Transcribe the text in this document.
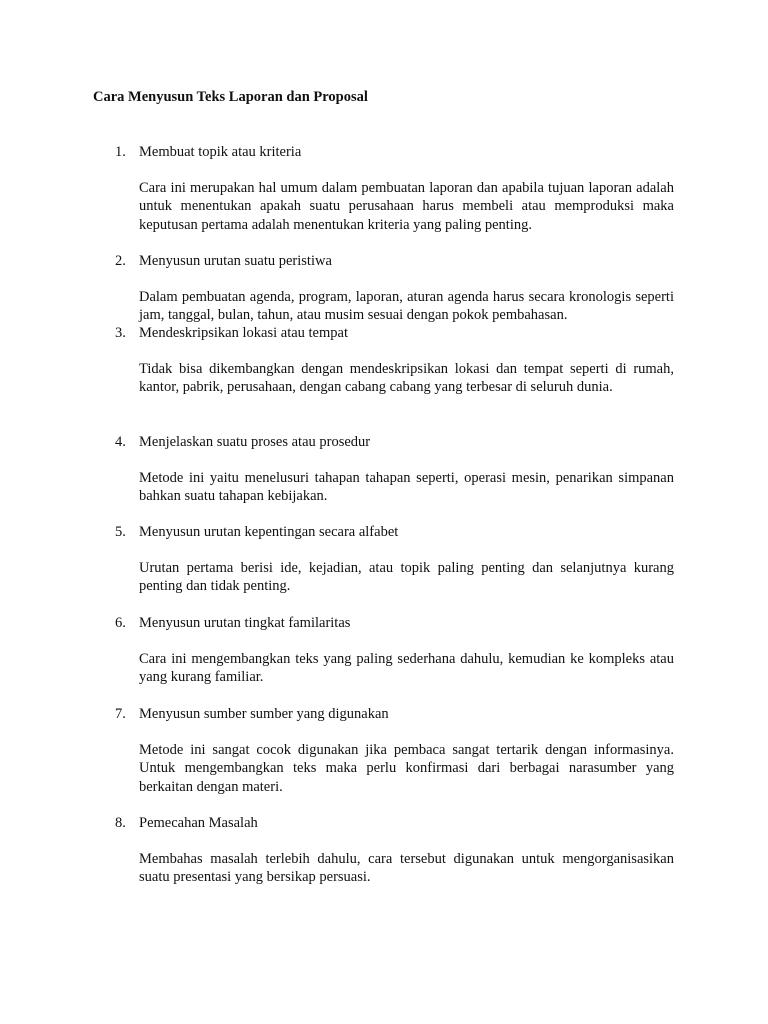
Cara Menyusun Teks Laporan dan Proposal
1. Membuat topik atau kriteria

Cara ini merupakan hal umum dalam pembuatan laporan dan apabila tujuan laporan adalah untuk menentukan apakah suatu perusahaan harus membeli atau memproduksi maka keputusan pertama adalah menentukan kriteria yang paling penting.

2. Menyusun urutan suatu peristiwa

Dalam pembuatan agenda, program, laporan, aturan agenda harus secara kronologis seperti jam, tanggal, bulan, tahun, atau musim sesuai dengan pokok pembahasan.

3. Mendeskripsikan lokasi atau tempat

Tidak bisa dikembangkan dengan mendeskripsikan lokasi dan tempat seperti di rumah, kantor, pabrik, perusahaan, dengan cabang cabang yang terbesar di seluruh dunia.

4. Menjelaskan suatu proses atau prosedur

Metode ini yaitu menelusuri tahapan tahapan seperti, operasi mesin, penarikan simpanan bahkan suatu tahapan kebijakan.

5. Menyusun urutan kepentingan secara alfabet

Urutan pertama berisi ide, kejadian, atau topik paling penting dan selanjutnya kurang penting dan tidak penting.

6. Menyusun urutan tingkat familaritas

Cara ini mengembangkan teks yang paling sederhana dahulu, kemudian ke kompleks atau yang kurang familiar.

7. Menyusun sumber sumber yang digunakan

Metode ini sangat cocok digunakan jika pembaca sangat tertarik dengan informasinya. Untuk mengembangkan teks maka perlu konfirmasi dari berbagai narasumber yang berkaitan dengan materi.

8. Pemecahan Masalah

Membahas masalah terlebih dahulu, cara tersebut digunakan untuk mengorganisasikan suatu presentasi yang bersikap persuasi.
